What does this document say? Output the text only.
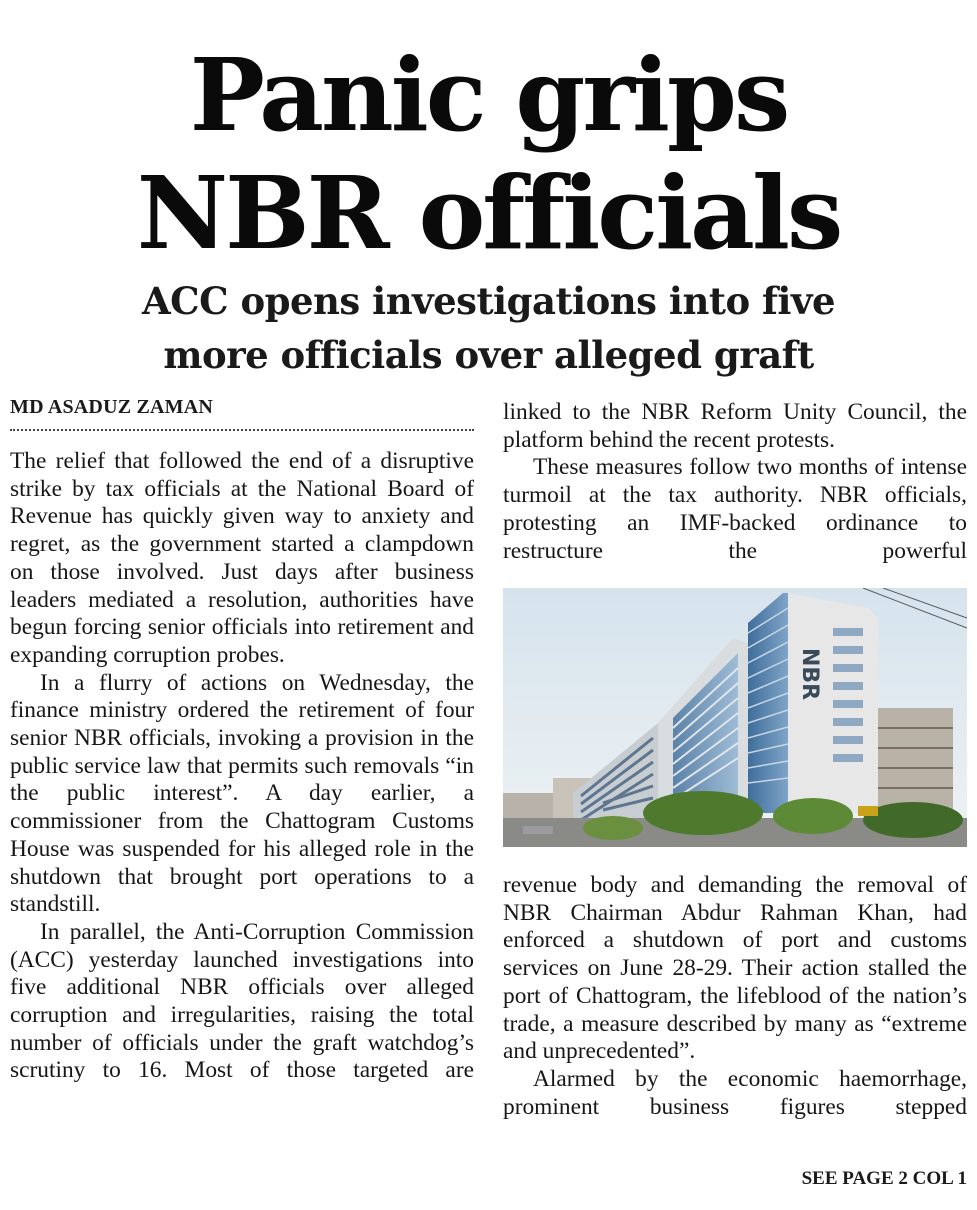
Panic grips
NBR officials
ACC opens investigations into five
more officials over alleged graft
MD ASADUZ ZAMAN

The relief that followed the end of a disruptive strike by tax officials at the National Board of Revenue has quickly given way to anxiety and regret, as the government started a clampdown on those involved. Just days after business leaders mediated a resolution, authorities have begun forcing senior officials into retirement and expanding corruption probes.

In a flurry of actions on Wednesday, the finance ministry ordered the retirement of four senior NBR officials, invoking a provision in the public service law that permits such removals “in the public interest”. A day earlier, a commissioner from the Chattogram Customs House was suspended for his alleged role in the shutdown that brought port operations to a standstill.

In parallel, the Anti-Corruption Commission (ACC) yesterday launched investigations into five additional NBR officials over alleged corruption and irregularities, raising the total number of officials under the graft watchdog’s scrutiny to 16. Most of those targeted are

linked to the NBR Reform Unity Council, the platform behind the recent protests.

These measures follow two months of intense turmoil at the tax authority. NBR officials, protesting an IMF-backed ordinance to restructure the powerful

NBR

revenue body and demanding the removal of NBR Chairman Abdur Rahman Khan, had enforced a shutdown of port and customs services on June 28-29. Their action stalled the port of Chattogram, the lifeblood of the nation’s trade, a measure described by many as “extreme and unprecedented”.

Alarmed by the economic haemorrhage, prominent business figures stepped

SEE PAGE 2 COL 1
